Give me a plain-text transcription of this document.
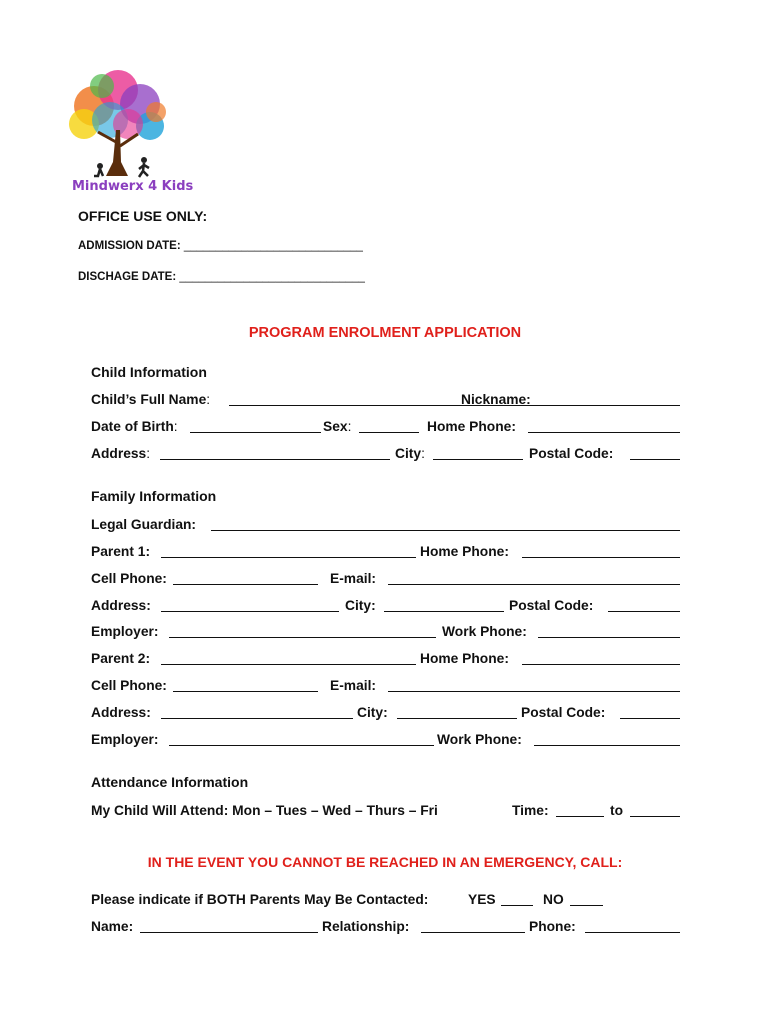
Mindwerx 4 Kids
OFFICE USE ONLY:
ADMISSION DATE: ____________________________
DISCHAGE DATE: _____________________________
PROGRAM ENROLMENT APPLICATION
Child Information
Child’s Full Name:	Nickname:
Date of Birth:	Sex:	Home Phone:
Address:	City:	Postal Code:
Family Information
Legal Guardian:
Parent 1:	Home Phone:
Cell Phone:	E-mail:
Address:	City:	Postal Code:
Employer:	Work Phone:
Parent 2:	Home Phone:
Cell Phone:	E-mail:
Address:	City:	Postal Code:
Employer:	Work Phone:
Attendance Information
My Child Will Attend: Mon – Tues – Wed – Thurs – Fri	Time:	to
IN THE EVENT YOU CANNOT BE REACHED IN AN EMERGENCY, CALL:
Please indicate if BOTH Parents May Be Contacted:	YES	NO
Name:	Relationship:	Phone:
